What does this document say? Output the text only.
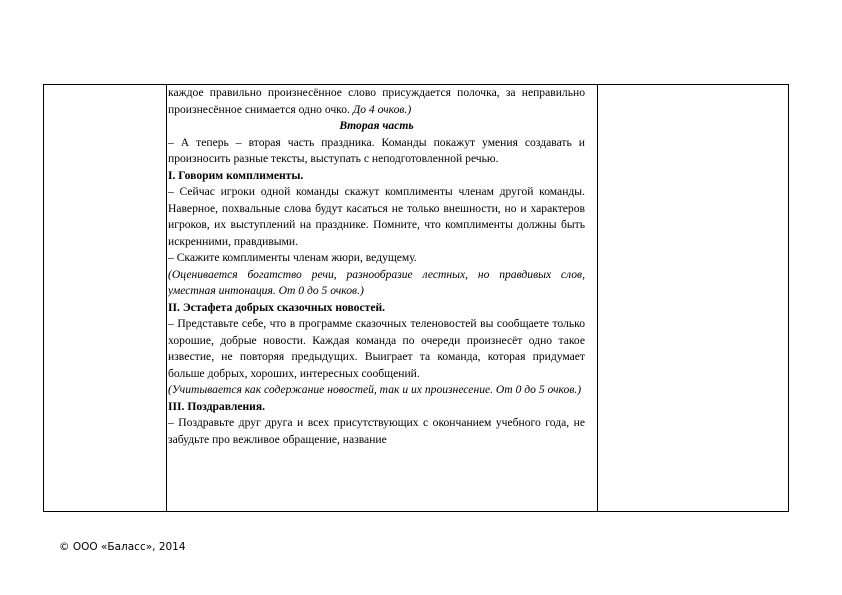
каждое правильно произнесённое слово присуждается полочка, за неправильно произнесённое снимается одно очко. До 4 очков.)

Вторая часть

– А теперь – вторая часть праздника. Команды покажут умения создавать и произносить разные тексты, выступать с неподготовленной речью.

I. Говорим комплименты.

– Сейчас игроки одной команды скажут комплименты членам другой команды. Наверное, похвальные слова будут касаться не только внешности, но и характеров игроков, их выступлений на празднике. Помните, что комплименты должны быть искренними, правдивыми.

– Скажите комплименты членам жюри, ведущему.

(Оценивается богатство речи, разнообразие лестных, но правдивых слов, уместная интонация. От 0 до 5 очков.)

II. Эстафета добрых сказочных новостей.

– Представьте себе, что в программе сказочных теленовостей вы сообщаете только хорошие, добрые новости. Каждая команда по очереди произнесёт одно такое известие, не повторяя предыдущих. Выиграет та команда, которая придумает больше добрых, хороших, интересных сообщений.

(Учитывается как содержание новостей, так и их произнесение. От 0 до 5 очков.)

III. Поздравления.

– Поздравьте друг друга и всех присутствующих с окончанием учебного года, не забудьте про вежливое обращение, название

© ООО «Баласс», 2014
